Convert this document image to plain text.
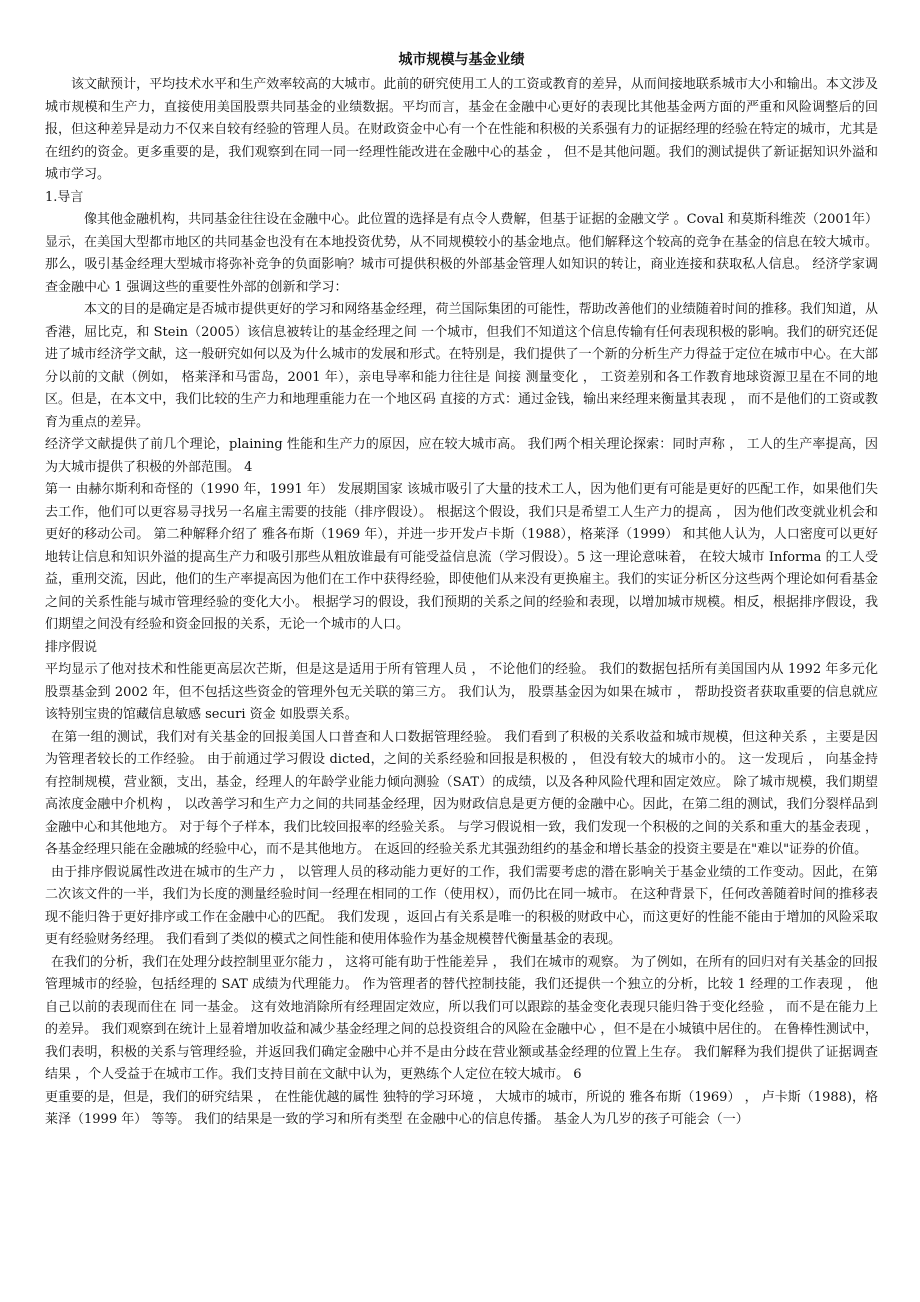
城市规模与基金业绩

该文献预计，平均技术水平和生产效率较高的大城市。此前的研究使用工人的工资或教育的差异，从而间接地联系城市大小和输出。本文涉及城市规模和生产力，直接使用美国股票共同基金的业绩数据。平均而言，基金在金融中心更好的表现比其他基金两方面的严重和风险调整后的回报，但这种差异是动力不仅来自较有经验的管理人员。在财政资金中心有一个在性能和积极的关系强有力的证据经理的经验在特定的城市，尤其是在纽约的资金。更多重要的是，我们观察到在同一同一经理性能改进在金融中心的基金 ， 但不是其他问题。我们的测试提供了新证据知识外溢和城市学习。

1.导言

像其他金融机构，共同基金往往设在金融中心。此位置的选择是有点令人费解，但基于证据的金融文学 。Coval 和莫斯科维茨（2001年）显示，在美国大型都市地区的共同基金也没有在本地投资优势，从不同规模较小的基金地点。他们解释这个较高的竞争在基金的信息在较大城市。 那么，吸引基金经理大型城市将弥补竞争的负面影响？城市可提供积极的外部基金管理人如知识的转让，商业连接和获取私人信息。 经济学家调查金融中心 1 强调这些的重要性外部的创新和学习：

本文的目的是确定是否城市提供更好的学习和网络基金经理，荷兰国际集团的可能性，帮助改善他们的业绩随着时间的推移。我们知道，从香港，屈比克，和 Stein（2005）该信息被转让的基金经理之间 一个城市，但我们不知道这个信息传输有任何表现积极的影响。我们的研究还促进了城市经济学文献，这一般研究如何以及为什么城市的发展和形式。在特别是，我们提供了一个新的分析生产力得益于定位在城市中心。在大部分以前的文献（例如， 格莱泽和马雷岛，2001 年），亲电导率和能力往往是 间接 测量变化 ， 工资差别和各工作教育地球资源卫星在不同的地区。但是，在本文中，我们比较的生产力和地理重能力在一个地区码 直接的方式：通过金钱，输出来经理来衡量其表现 ， 而不是他们的工资或教育为重点的差异。

经济学文献提供了前几个理论，plaining 性能和生产力的原因，应在较大城市高。 我们两个相关理论探索：同时声称 ， 工人的生产率提高，因为大城市提供了积极的外部范围。 4

第一 由赫尔斯利和奇怪的（1990 年，1991 年） 发展期国家 该城市吸引了大量的技术工人，因为他们更有可能是更好的匹配工作，如果他们失去工作，他们可以更容易寻找另一名雇主需要的技能（排序假设）。 根据这个假设，我们只是希望工人生产力的提高 ， 因为他们改变就业机会和更好的移动公司。 第二种解释介绍了 雅各布斯（1969 年），并进一步开发卢卡斯（1988），格莱泽（1999） 和其他人认为，人口密度可以更好地转让信息和知识外溢的提高生产力和吸引那些从粗放谁最有可能受益信息流（学习假设）。5 这一理论意味着， 在较大城市 Informa 的工人受益，重刑交流，因此，他们的生产率提高因为他们在工作中获得经验，即使他们从来没有更换雇主。我们的实证分析区分这些两个理论如何看基金之间的关系性能与城市管理经验的变化大小。 根据学习的假设，我们预期的关系之间的经验和表现，以增加城市规模。相反，根据排序假设，我们期望之间没有经验和资金回报的关系，无论一个城市的人口。

排序假说

平均显示了他对技术和性能更高层次芒斯，但是这是适用于所有管理人员 ， 不论他们的经验。 我们的数据包括所有美国国内从 1992 年多元化股票基金到 2002 年，但不包括这些资金的管理外包无关联的第三方。 我们认为， 股票基金因为如果在城市 ， 帮助投资者获取重要的信息就应该特别宝贵的馆藏信息敏感 securi 资金 如股票关系。

在第一组的测试，我们对有关基金的回报美国人口普查和人口数据管理经验。 我们看到了积极的关系收益和城市规模，但这种关系 ，主要是因为管理者较长的工作经验。 由于前通过学习假设 dicted，之间的关系经验和回报是积极的 ， 但没有较大的城市小的。 这一发现后 ， 向基金持有控制规模，营业额，支出，基金，经理人的年龄学业能力倾向测验（SAT）的成绩，以及各种风险代理和固定效应。 除了城市规模，我们期望高浓度金融中介机构 ， 以改善学习和生产力之间的共同基金经理，因为财政信息是更方便的金融中心。因此，在第二组的测试，我们分裂样品到金融中心和其他地方。 对于每个子样本，我们比较回报率的经验关系。 与学习假说相一致，我们发现一个积极的之间的关系和重大的基金表现 ，各基金经理只能在金融城的经验中心，而不是其他地方。 在返回的经验关系尤其强劲组约的基金和增长基金的投资主要是在"难以"证券的价值。

由于排序假说属性改进在城市的生产力 ， 以管理人员的移动能力更好的工作，我们需要考虑的潜在影响关于基金业绩的工作变动。因此，在第二次该文件的一半，我们为长度的测量经验时间一经理在相同的工作（使用权），而仍比在同一城市。 在这种背景下，任何改善随着时间的推移表现不能归咎于更好排序或工作在金融中心的匹配。 我们发现 ，返回占有关系是唯一的积极的财政中心，而这更好的性能不能由于增加的风险采取更有经验财务经理。 我们看到了类似的模式之间性能和使用体验作为基金规模替代衡量基金的表现。

在我们的分析，我们在处理分歧控制里亚尔能力 ， 这将可能有助于性能差异 ， 我们在城市的观察。 为了例如，在所有的回归对有关基金的回报管理城市的经验，包括经理的 SAT 成绩为代理能力。 作为管理者的替代控制技能，我们还提供一个独立的分析，比较 1 经理的工作表现 ， 他 自己以前的表现而住在 同一基金。 这有效地消除所有经理固定效应，所以我们可以跟踪的基金变化表现只能归咎于变化经验 ， 而不是在能力上的差异。 我们观察到在统计上显着增加收益和减少基金经理之间的总投资组合的风险在金融中心 ，但不是在小城镇中居住的。 在鲁棒性测试中，我们表明，积极的关系与管理经验，并返回我们确定金融中心并不是由分歧在营业额或基金经理的位置上生存。 我们解释为我们提供了证据调查结果 ，个人受益于在城市工作。我们支持目前在文献中认为，更熟练个人定位在较大城市。 6

更重要的是，但是，我们的研究结果 ， 在性能优越的属性 独特的学习环境 ， 大城市的城市，所说的 雅各布斯（1969） ， 卢卡斯（1988)，格莱泽（1999 年） 等等。 我们的结果是一致的学习和所有类型 在金融中心的信息传播。 基金人为几岁的孩子可能会（一）
